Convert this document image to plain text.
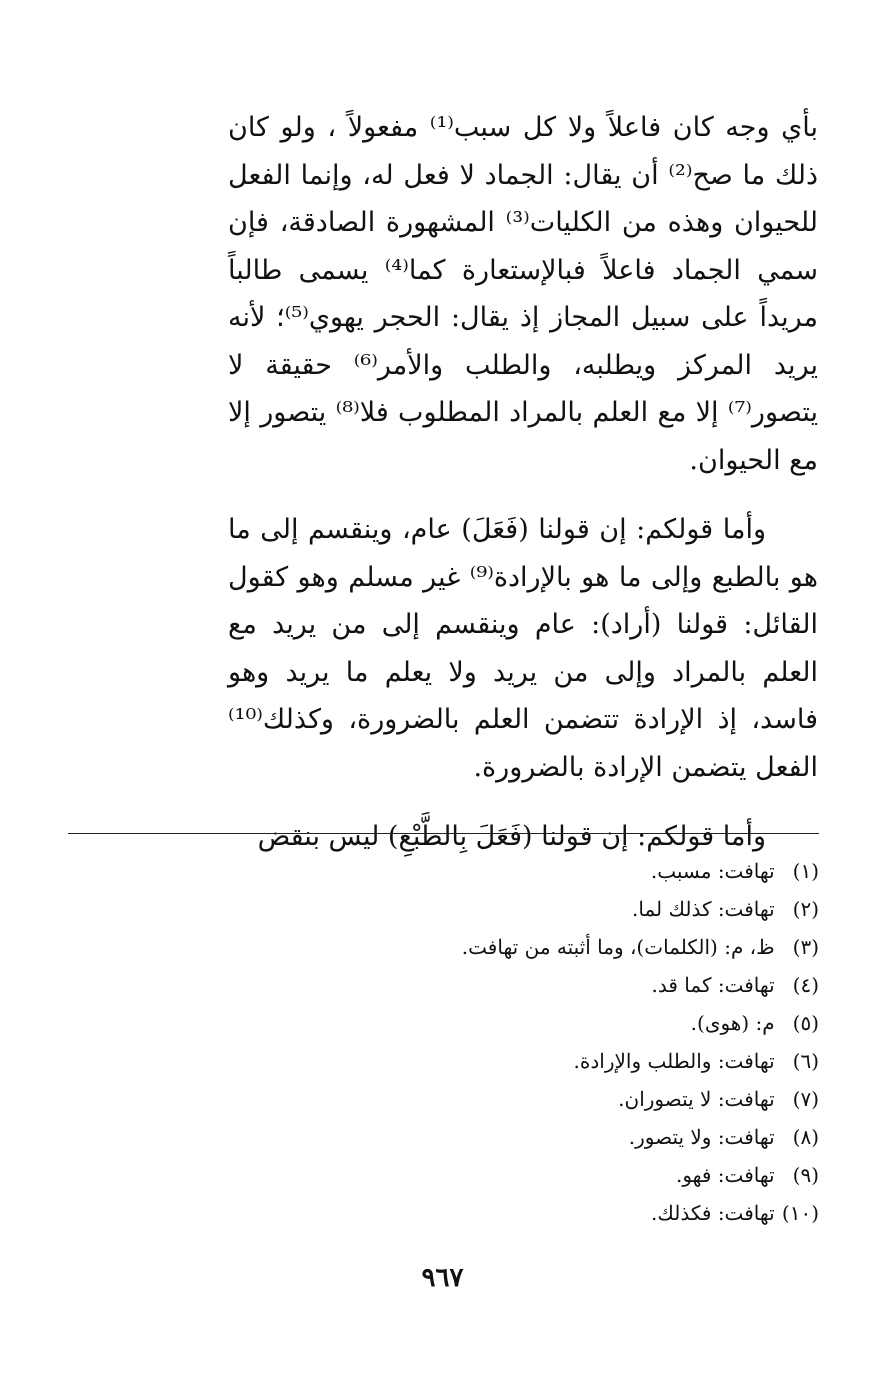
بأي وجه كان فاعلاً ولا كل سبب⁽¹⁾ مفعولاً ، ولو كان ذلك ما صح⁽²⁾ أن يقال: الجماد لا فعل له، وإنما الفعل للحيوان وهذه من الكليات⁽³⁾ المشهورة الصادقة، فإن سمي الجماد فاعلاً فبالإستعارة كما⁽⁴⁾ يسمى طالباً مريداً على سبيل المجاز إذ يقال: الحجر يهوي⁽⁵⁾؛ لأنه يريد المركز ويطلبه، والطلب والأمر⁽⁶⁾ حقيقة لا يتصور⁽⁷⁾ إلا مع العلم بالمراد المطلوب فلا⁽⁸⁾ يتصور إلا مع الحيوان.

وأما قولكم: إن قولنا (فَعَلَ) عام، وينقسم إلى ما هو بالطبع وإلى ما هو بالإرادة⁽⁹⁾ غير مسلم وهو كقول القائل: قولنا (أراد): عام وينقسم إلى من يريد مع العلم بالمراد وإلى من يريد ولا يعلم ما يريد وهو فاسد، إذ الإرادة تتضمن العلم بالضرورة، وكذلك⁽¹⁰⁾ الفعل يتضمن الإرادة بالضرورة.

وأما قولكم: إن قولنا (فَعَلَ بِالطَّبْعِ) ليس بنقض

(١) تهافت: مسبب.
(٢) تهافت: كذلك لما.
(٣) ظ، م: (الكلمات)، وما أثبته من تهافت.
(٤) تهافت: كما قد.
(٥) م: (هوى).
(٦) تهافت: والطلب والإرادة.
(٧) تهافت: لا يتصوران.
(٨) تهافت: ولا يتصور.
(٩) تهافت: فهو.
(١٠) تهافت: فكذلك.
٩٦٧
